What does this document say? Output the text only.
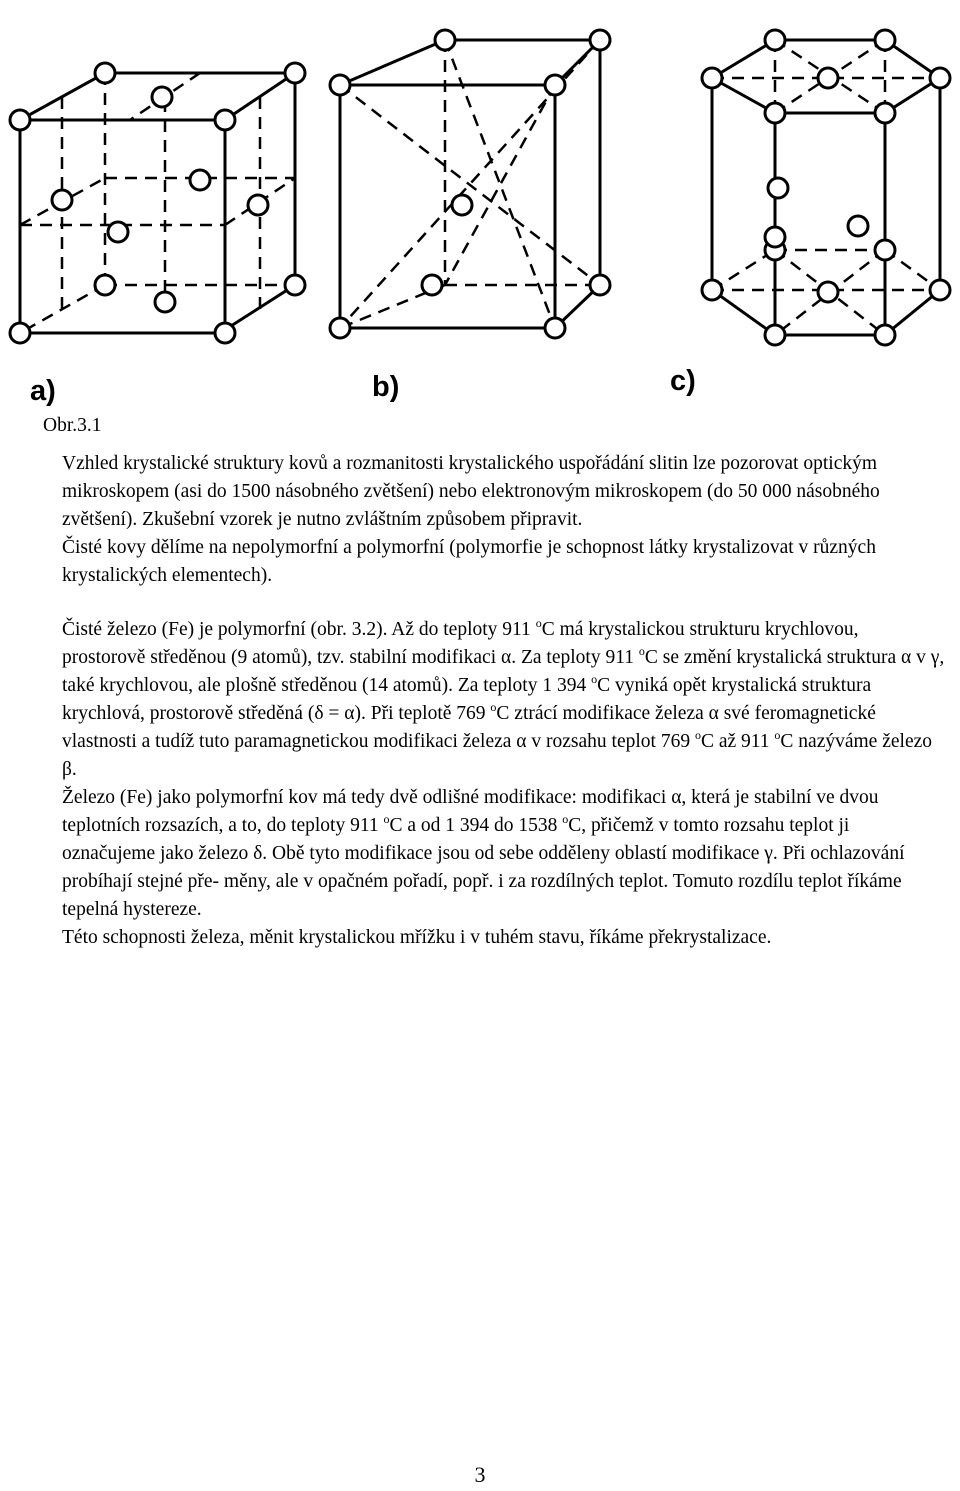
a)	b)	c)
Obr.3.1

Vzhled krystalické struktury kovů a rozmanitosti krystalického uspořádání slitin lze pozorovat optickým mikroskopem (asi do 1500 násobného zvětšení) nebo elektronovým mikroskopem (do 50 000 násobného zvětšení). Zkušební vzorek je nutno zvláštním způsobem připravit.

Čisté kovy dělíme na nepolymorfní a polymorfní (polymorfie je schopnost látky krystalizovat v různých krystalických elementech).

Čisté železo (Fe) je polymorfní (obr. 3.2). Až do teploty 911 $^o$C má krystalickou strukturu krychlovou, prostorově středěnou (9 atomů), tzv. stabilní modifikaci α. Za teploty 911 $^o$C se změní krystalická struktura α v γ, také krychlovou, ale plošně středěnou (14 atomů). Za teploty 1 394 $^o$C vyniká opět krystalická struktura krychlová, prostorově středěná (δ = α). Při teplotě 769 $^o$C ztrácí modifikace železa α své feromagnetické vlastnosti a tudíž tuto paramagnetickou modifikaci železa α v rozsahu teplot 769 $^o$C až 911 $^o$C nazýváme železo β.

Železo (Fe) jako polymorfní kov má tedy dvě odlišné modifikace: modifikaci α, která je stabilní ve dvou teplotních rozsazích, a to, do teploty 911 $^o$C a od 1 394 do 1538 $^o$C, přičemž v tomto rozsahu teplot ji označujeme jako železo δ. Obě tyto modifikace jsou od sebe odděleny oblastí modifikace γ. Při ochlazování probíhají stejné pře- měny, ale v opačném pořadí, popř. i za rozdílných teplot. Tomuto rozdílu teplot říkáme tepelná hystereze.

Této schopnosti železa, měnit krystalickou mřížku i v tuhém stavu, říkáme překrystalizace.

3
